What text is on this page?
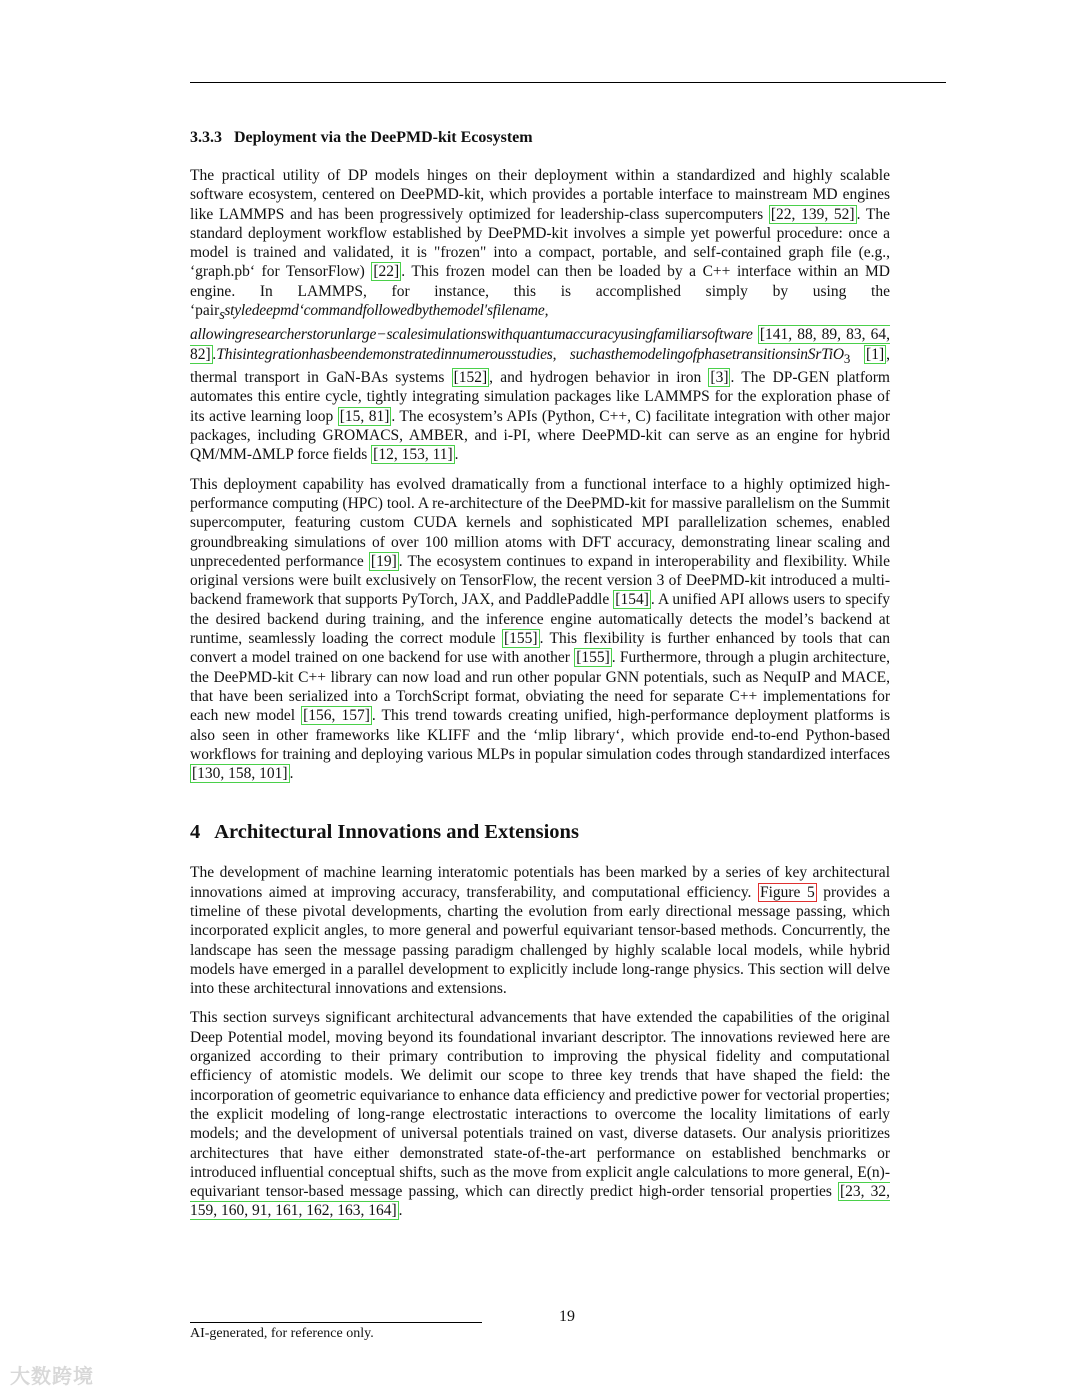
3.3.3 Deployment via the DeePMD-kit Ecosystem

The practical utility of DP models hinges on their deployment within a standardized and highly scalable software ecosystem, centered on DeePMD-kit, which provides a portable interface to mainstream MD engines like LAMMPS and has been progressively optimized for leadership-class supercomputers [22, 139, 52] . The standard deployment workflow established by DeePMD-kit involves a simple yet powerful procedure: once a model is trained and validated, it is "frozen" into a compact, portable, and self-contained graph file (e.g., ‘graph.pb‘ for TensorFlow) [22] . This frozen model can then be loaded by a C++ interface within an MD engine. In LAMMPS, for instance, this is accomplished simply by using the ‘pair$_s$styledeepmd‘commandfollowedbythemodel′sfilename, allowingresearcherstorunlarge−scalesimulationswithquantumaccuracyusingfamiliarsoftware [141, 88, 89, 83, 64, 82] .Thisintegrationhasbeendemonstratedinnumerousstudies, suchasthemodelingofphasetransitionsinSrTiO$_3$ [1] , thermal transport in GaN-BAs systems [152] , and hydrogen behavior in iron [3] . The DP-GEN platform automates this entire cycle, tightly integrating simulation packages like LAMMPS for the exploration phase of its active learning loop [15, 81] . The ecosystem’s APIs (Python, C++, C) facilitate integration with other major packages, including GROMACS, AMBER, and i-PI, where DeePMD-kit can serve as an engine for hybrid QM/MM-ΔMLP force fields [12, 153, 11] .

This deployment capability has evolved dramatically from a functional interface to a highly optimized high-performance computing (HPC) tool. A re-architecture of the DeePMD-kit for massive parallelism on the Summit supercomputer, featuring custom CUDA kernels and sophisticated MPI parallelization schemes, enabled groundbreaking simulations of over 100 million atoms with DFT accuracy, demonstrating linear scaling and unprecedented performance [19] . The ecosystem continues to expand in interoperability and flexibility. While original versions were built exclusively on TensorFlow, the recent version 3 of DeePMD-kit introduced a multi-backend framework that supports PyTorch, JAX, and PaddlePaddle [154] . A unified API allows users to specify the desired backend during training, and the inference engine automatically detects the model’s backend at runtime, seamlessly loading the correct module [155] . This flexibility is further enhanced by tools that can convert a model trained on one backend for use with another [155] . Furthermore, through a plugin architecture, the DeePMD-kit C++ library can now load and run other popular GNN potentials, such as NequIP and MACE, that have been serialized into a TorchScript format, obviating the need for separate C++ implementations for each new model [156, 157] . This trend towards creating unified, high-performance deployment platforms is also seen in other frameworks like KLIFF and the ‘mlip library‘, which provide end-to-end Python-based workflows for training and deploying various MLPs in popular simulation codes through standardized interfaces [130, 158, 101] .

4 Architectural Innovations and Extensions

The development of machine learning interatomic potentials has been marked by a series of key architectural innovations aimed at improving accuracy, transferability, and computational efficiency. Figure 5 provides a timeline of these pivotal developments, charting the evolution from early directional message passing, which incorporated explicit angles, to more general and powerful equivariant tensor-based methods. Concurrently, the landscape has seen the message passing paradigm challenged by highly scalable local models, while hybrid models have emerged in a parallel development to explicitly include long-range physics. This section will delve into these architectural innovations and extensions.

This section surveys significant architectural advancements that have extended the capabilities of the original Deep Potential model, moving beyond its foundational invariant descriptor. The innovations reviewed here are organized according to their primary contribution to improving the physical fidelity and computational efficiency of atomistic models. We delimit our scope to three key trends that have shaped the field: the incorporation of geometric equivariance to enhance data efficiency and predictive power for vectorial properties; the explicit modeling of long-range electrostatic interactions to overcome the locality limitations of early models; and the development of universal potentials trained on vast, diverse datasets. Our analysis prioritizes architectures that have either demonstrated state-of-the-art performance on established benchmarks or introduced influential conceptual shifts, such as the move from explicit angle calculations to more general, E(n)-equivariant tensor-based message passing, which can directly predict high-order tensorial properties [23, 32, 159, 160, 91, 161, 162, 163, 164] .

19
AI-generated, for reference only.
大数跨境
